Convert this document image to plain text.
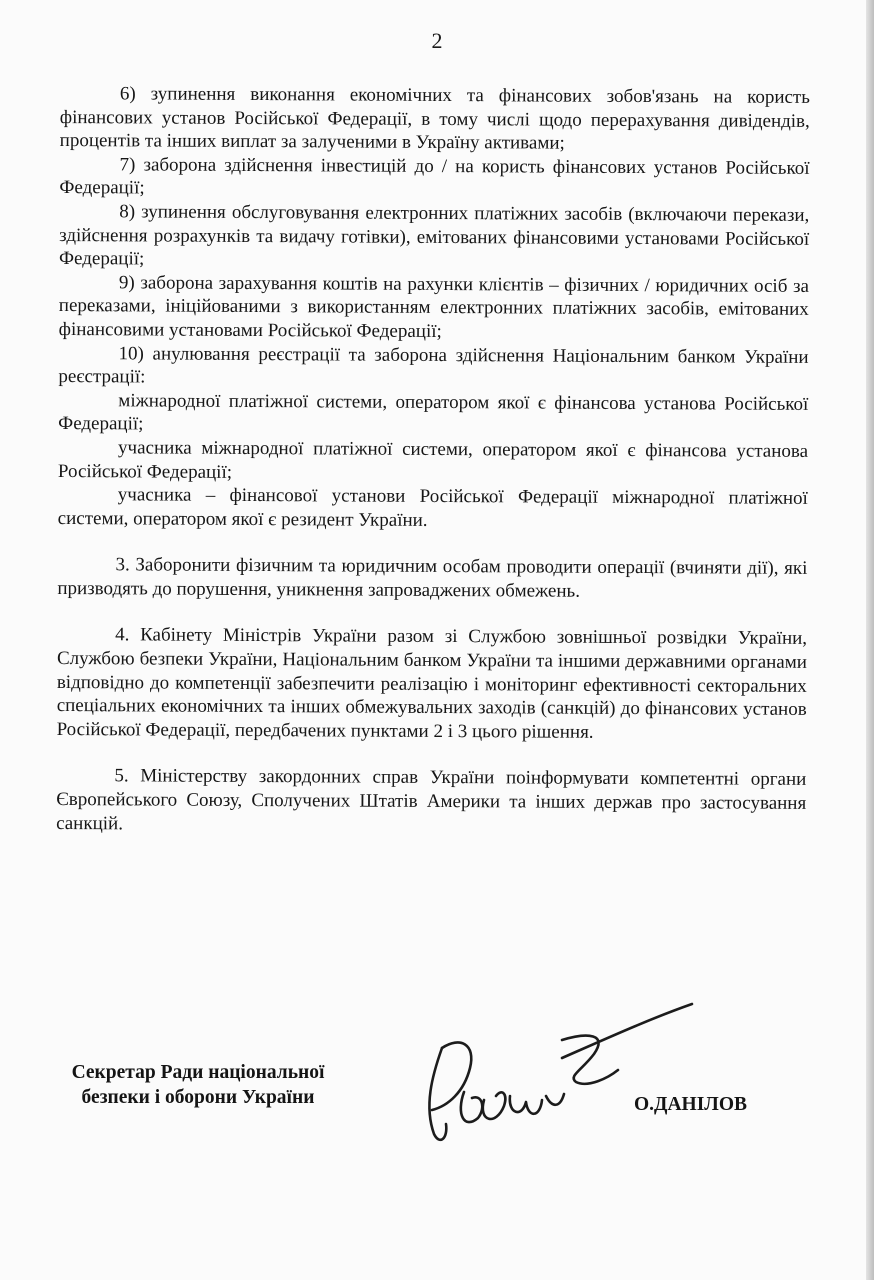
2

6) зупинення виконання економічних та фінансових зобов'язань на користь фінансових установ Російської Федерації, в тому числі щодо перерахування дивідендів, процентів та інших виплат за залученими в Україну активами;

7) заборона здійснення інвестицій до / на користь фінансових установ Російської Федерації;

8) зупинення обслуговування електронних платіжних засобів (включаючи перекази, здійснення розрахунків та видачу готівки), емітованих фінансовими установами Російської Федерації;

9) заборона зарахування коштів на рахунки клієнтів – фізичних / юридичних осіб за переказами, ініційованими з використанням електронних платіжних засобів, емітованих фінансовими установами Російської Федерації;

10) анулювання реєстрації та заборона здійснення Національним банком України реєстрації:

міжнародної платіжної системи, оператором якої є фінансова установа Російської Федерації;

учасника міжнародної платіжної системи, оператором якої є фінансова установа Російської Федерації;

учасника – фінансової установи Російської Федерації міжнародної платіжної системи, оператором якої є резидент України.

3. Заборонити фізичним та юридичним особам проводити операції (вчиняти дії), які призводять до порушення, уникнення запроваджених обмежень.

4. Кабінету Міністрів України разом зі Службою зовнішньої розвідки України, Службою безпеки України, Національним банком України та іншими державними органами відповідно до компетенції забезпечити реалізацію і моніторинг ефективності секторальних спеціальних економічних та інших обмежувальних заходів (санкцій) до фінансових установ Російської Федерації, передбачених пунктами 2 і 3 цього рішення.

5. Міністерству закордонних справ України поінформувати компетентні органи Європейського Союзу, Сполучених Штатів Америки та інших держав про застосування санкцій.

Секретар Ради національної
безпеки і оборони України	О.ДАНІЛОВ
